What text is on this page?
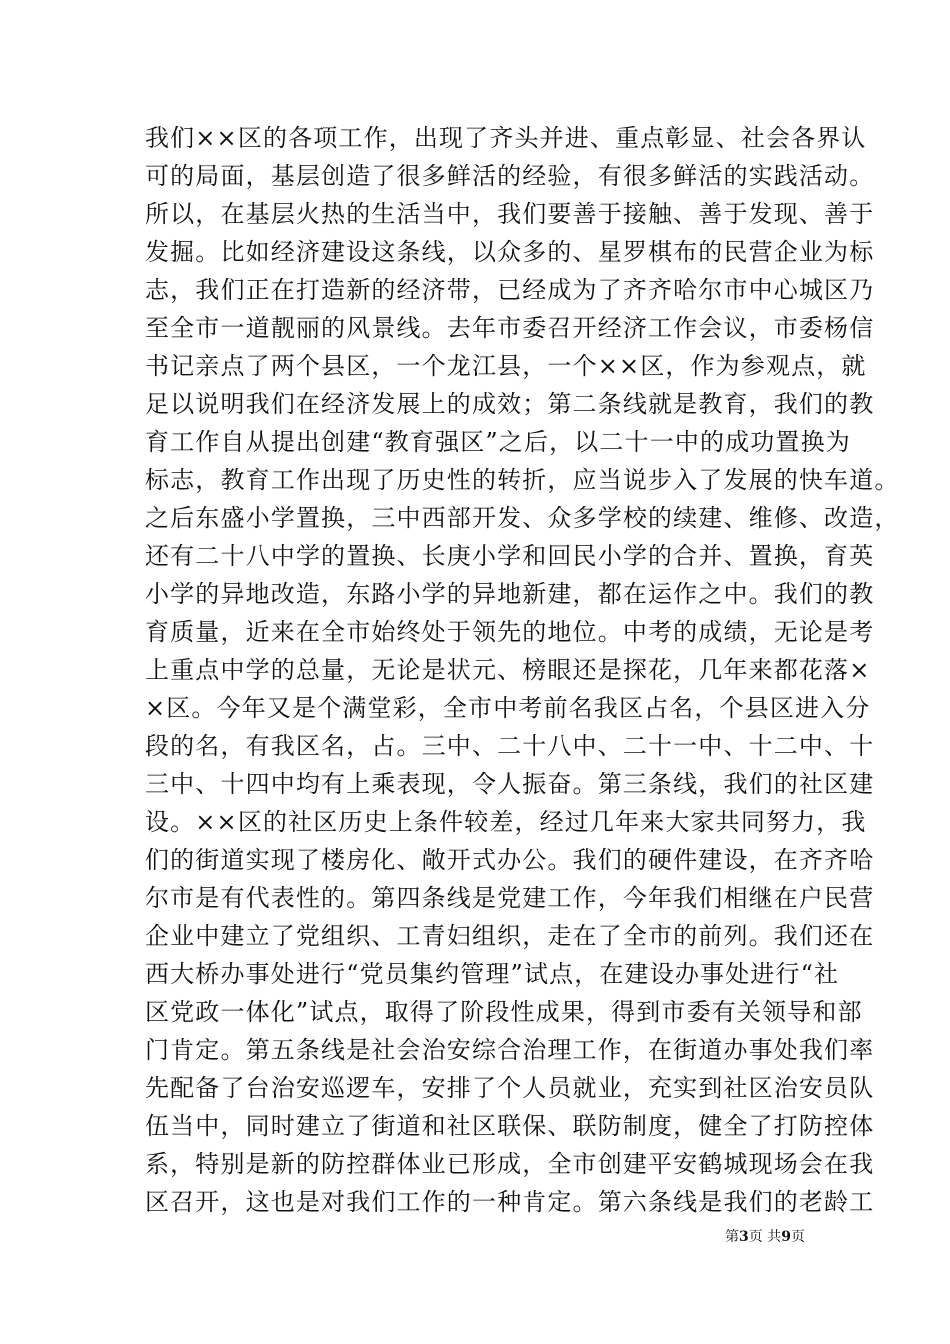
我们××区的各项工作，出现了齐头并进、重点彰显、社会各界认
可的局面，基层创造了很多鲜活的经验，有很多鲜活的实践活动。
所以，在基层火热的生活当中，我们要善于接触、善于发现、善于
发掘。比如经济建设这条线，以众多的、星罗棋布的民营企业为标
志，我们正在打造新的经济带，已经成为了齐齐哈尔市中心城区乃
至全市一道靓丽的风景线。去年市委召开经济工作会议，市委杨信
书记亲点了两个县区，一个龙江县，一个××区，作为参观点，就
足以说明我们在经济发展上的成效；第二条线就是教育，我们的教
育工作自从提出创建“教育强区”之后，以二十一中的成功置换为
标志，教育工作出现了历史性的转折，应当说步入了发展的快车道。
之后东盛小学置换，三中西部开发、众多学校的续建、维修、改造，
还有二十八中学的置换、长庚小学和回民小学的合并、置换，育英
小学的异地改造，东路小学的异地新建，都在运作之中。我们的教
育质量，近来在全市始终处于领先的地位。中考的成绩，无论是考
上重点中学的总量，无论是状元、榜眼还是探花，几年来都花落×
×区。今年又是个满堂彩，全市中考前名我区占名，个县区进入分
段的名，有我区名，占。三中、二十八中、二十一中、十二中、十
三中、十四中均有上乘表现，令人振奋。第三条线，我们的社区建
设。××区的社区历史上条件较差，经过几年来大家共同努力，我
们的街道实现了楼房化、敞开式办公。我们的硬件建设，在齐齐哈
尔市是有代表性的。第四条线是党建工作，今年我们相继在户民营
企业中建立了党组织、工青妇组织，走在了全市的前列。我们还在
西大桥办事处进行“党员集约管理”试点，在建设办事处进行“社
区党政一体化”试点，取得了阶段性成果，得到市委有关领导和部
门肯定。第五条线是社会治安综合治理工作，在街道办事处我们率
先配备了台治安巡逻车，安排了个人员就业，充实到社区治安员队
伍当中，同时建立了街道和社区联保、联防制度，健全了打防控体
系，特别是新的防控群体业已形成，全市创建平安鹤城现场会在我
区召开，这也是对我们工作的一种肯定。第六条线是我们的老龄工
第3页 共9页
